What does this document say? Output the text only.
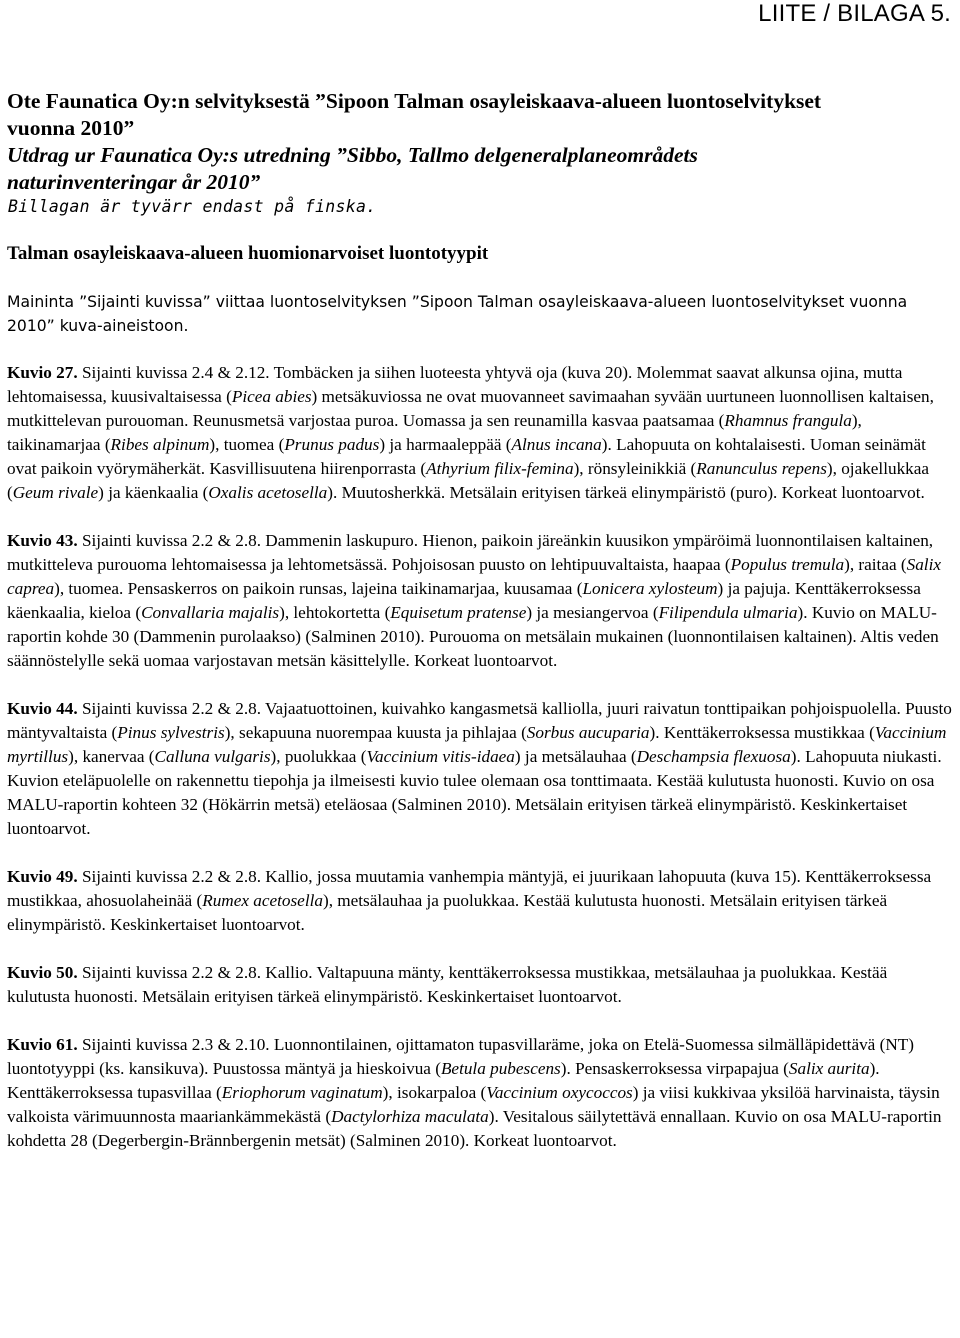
LIITE / BILAGA 5.

Ote Faunatica Oy:n selvityksestä ”Sipoon Talman osayleiskaava-alueen luontoselvitykset

vuonna 2010”

Utdrag ur Faunatica Oy:s utredning ”Sibbo, Tallmo delgeneralplaneområdets

naturinventeringar år 2010”

Billagan är tyvärr endast på finska.

Talman osayleiskaava-alueen huomionarvoiset luontotyypit

Maininta ”Sijainti kuvissa” viittaa luontoselvityksen ”Sipoon Talman osayleiskaava-alueen luontoselvitykset vuonna 2010” kuva-aineistoon.

Kuvio 27. Sijainti kuvissa 2.4 & 2.12. Tombäcken ja siihen luoteesta yhtyvä oja (kuva 20). Molemmat saavat alkunsa ojina, mutta lehtomaisessa, kuusivaltaisessa (Picea abies) metsäkuviossa ne ovat muovanneet savimaahan syvään uurtuneen luonnollisen kaltaisen, mutkittelevan purouoman. Reunusmetsä varjostaa puroa. Uomassa ja sen reunamilla kasvaa paatsamaa (Rhamnus frangula), taikinamarjaa (Ribes alpinum), tuomea (Prunus padus) ja harmaaleppää (Alnus incana). Lahopuuta on kohtalaisesti. Uoman seinämät ovat paikoin vyörymäherkät. Kasvillisuutena hiirenporrasta (Athyrium filix-femina), rönsyleinikkiä (Ranunculus repens), ojakellukkaa (Geum rivale) ja käenkaalia (Oxalis acetosella). Muutosherkkä. Metsälain erityisen tärkeä elinympäristö (puro). Korkeat luontoarvot.

Kuvio 43. Sijainti kuvissa 2.2 & 2.8. Dammenin laskupuro. Hienon, paikoin järeänkin kuusikon ympäröimä luonnontilaisen kaltainen, mutkitteleva purouoma lehtomaisessa ja lehtometsässä. Pohjoisosan puusto on lehtipuuvaltaista, haapaa (Populus tremula), raitaa (Salix caprea), tuomea. Pensaskerros on paikoin runsas, lajeina taikinamarjaa, kuusamaa (Lonicera xylosteum) ja pajuja. Kenttäkerroksessa käenkaalia, kieloa (Convallaria majalis), lehtokortetta (Equisetum pratense) ja mesiangervoa (Filipendula ulmaria). Kuvio on MALU-raportin kohde 30 (Dammenin purolaakso) (Salminen 2010). Purouoma on metsälain mukainen (luonnontilaisen kaltainen). Altis veden säännöstelylle sekä uomaa varjostavan metsän käsittelylle. Korkeat luontoarvot.

Kuvio 44. Sijainti kuvissa 2.2 & 2.8. Vajaatuottoinen, kuivahko kangasmetsä kalliolla, juuri raivatun tonttipaikan pohjoispuolella. Puusto mäntyvaltaista (Pinus sylvestris), sekapuuna nuorempaa kuusta ja pihlajaa (Sorbus aucuparia). Kenttäkerroksessa mustikkaa (Vaccinium myrtillus), kanervaa (Calluna vulgaris), puolukkaa (Vaccinium vitis-idaea) ja metsälauhaa (Deschampsia flexuosa). Lahopuuta niukasti. Kuvion eteläpuolelle on rakennettu tiepohja ja ilmeisesti kuvio tulee olemaan osa tonttimaata. Kestää kulutusta huonosti. Kuvio on osa MALU-raportin kohteen 32 (Hökärrin metsä) eteläosaa (Salminen 2010). Metsälain erityisen tärkeä elinympäristö. Keskinkertaiset luontoarvot.

Kuvio 49. Sijainti kuvissa 2.2 & 2.8. Kallio, jossa muutamia vanhempia mäntyjä, ei juurikaan lahopuuta (kuva 15). Kenttäkerroksessa mustikkaa, ahosuolaheinää (Rumex acetosella), metsälauhaa ja puolukkaa. Kestää kulutusta huonosti. Metsälain erityisen tärkeä elinympäristö. Keskinkertaiset luontoarvot.

Kuvio 50. Sijainti kuvissa 2.2 & 2.8. Kallio. Valtapuuna mänty, kenttäkerroksessa mustikkaa, metsälauhaa ja puolukkaa. Kestää kulutusta huonosti. Metsälain erityisen tärkeä elinympäristö. Keskinkertaiset luontoarvot.

Kuvio 61. Sijainti kuvissa 2.3 & 2.10. Luonnontilainen, ojittamaton tupasvillaräme, joka on Etelä-Suomessa silmälläpidettävä (NT) luontotyyppi (ks. kansikuva). Puustossa mäntyä ja hieskoivua (Betula pubescens). Pensaskerroksessa virpapajua (Salix aurita). Kenttäkerroksessa tupasvillaa (Eriophorum vaginatum), isokarpaloa (Vaccinium oxycoccos) ja viisi kukkivaa yksilöä harvinaista, täysin valkoista värimuunnosta maariankämmekästä (Dactylorhiza maculata). Vesitalous säilytettävä ennallaan. Kuvio on osa MALU-raportin kohdetta 28 (Degerbergin-Brännbergenin metsät) (Salminen 2010). Korkeat luontoarvot.
